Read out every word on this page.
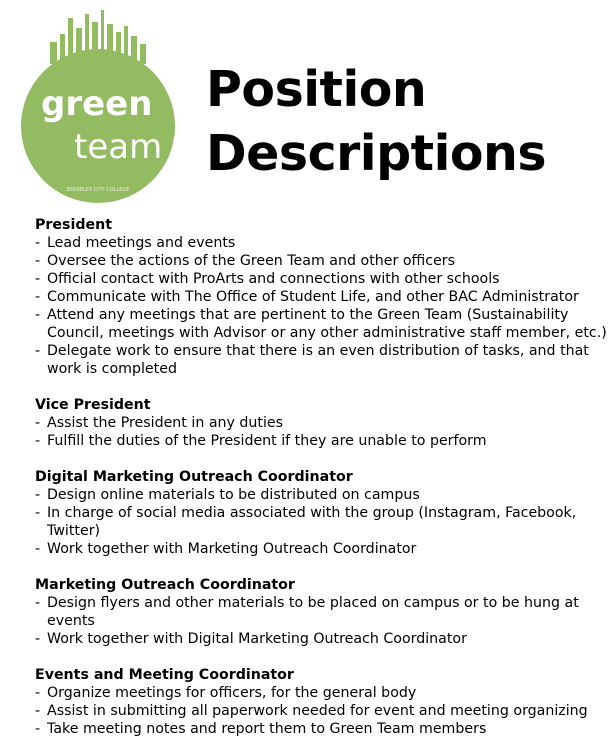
green
team
BERKELEY CITY COLLEGE
Position
Descriptions
President
- Lead meetings and events
- Oversee the actions of the Green Team and other officers
- Official contact with ProArts and connections with other schools
- Communicate with The Office of Student Life, and other BAC Administrator
- Attend any meetings that are pertinent to the Green Team (Sustainability Council, meetings with Advisor or any other administrative staff member, etc.)
- Delegate work to ensure that there is an even distribution of tasks, and that work is completed
Vice President
- Assist the President in any duties
- Fulfill the duties of the President if they are unable to perform
Digital Marketing Outreach Coordinator
- Design online materials to be distributed on campus
- In charge of social media associated with the group (Instagram, Facebook, Twitter)
- Work together with Marketing Outreach Coordinator
Marketing Outreach Coordinator
- Design flyers and other materials to be placed on campus or to be hung at events
- Work together with Digital Marketing Outreach Coordinator
Events and Meeting Coordinator
- Organize meetings for officers, for the general body
- Assist in submitting all paperwork needed for event and meeting organizing
- Take meeting notes and report them to Green Team members
